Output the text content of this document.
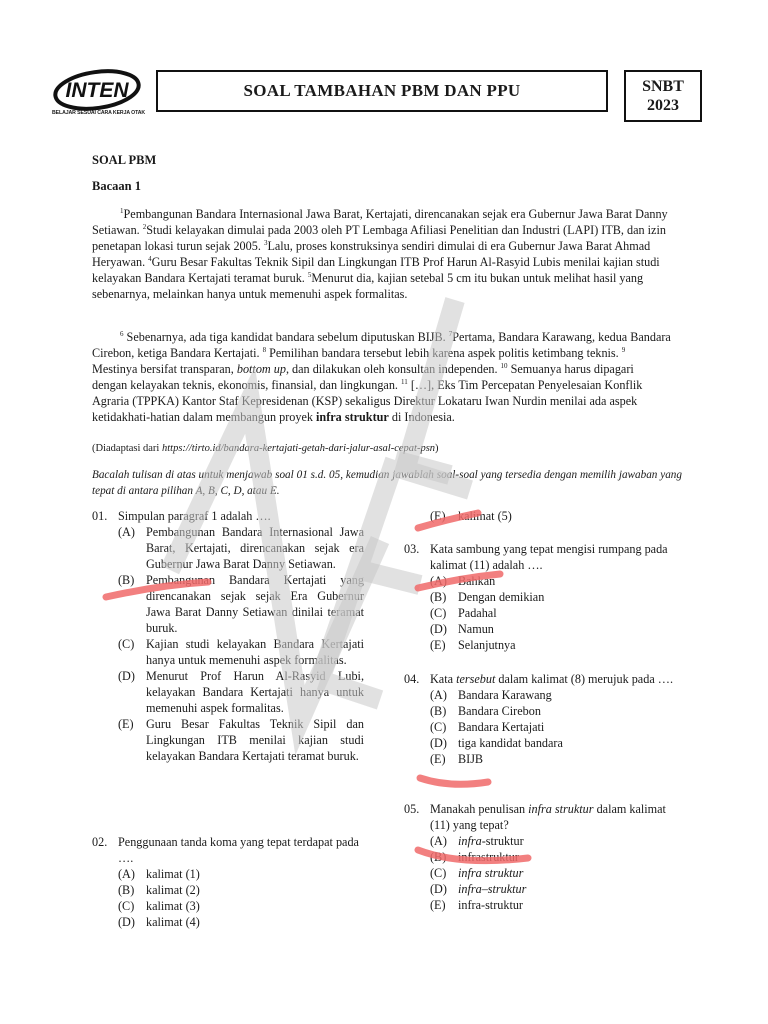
INTEN
BELAJAR SESUAI CARA KERJA OTAK
SOAL TAMBAHAN PBM DAN PPU	SNBT
2023
SOAL PBM
Bacaan 1
$^1$Pembangunan Bandara Internasional Jawa Barat, Kertajati, direncanakan sejak era Gubernur Jawa Barat Danny Setiawan. $^2$Studi kelayakan dimulai pada 2003 oleh PT Lembaga Afiliasi Penelitian dan Industri (LAPI) ITB, dan izin penetapan lokasi turun sejak 2005. $^3$Lalu, proses konstruksinya sendiri dimulai di era Gubernur Jawa Barat Ahmad Heryawan. $^4$Guru Besar Fakultas Teknik Sipil dan Lingkungan ITB Prof Harun Al-Rasyid Lubis menilai kajian studi kelayakan Bandara Kertajati teramat buruk. $^5$Menurut dia, kajian setebal 5 cm itu bukan untuk melihat hasil yang sebenarnya, melainkan hanya untuk memenuhi aspek formalitas.
$^6$ Sebenarnya, ada tiga kandidat bandara sebelum diputuskan BIJB. $^7$Pertama, Bandara Karawang, kedua Bandara Cirebon, ketiga Bandara Kertajati. $^8$ Pemilihan bandara tersebut lebih karena aspek politis ketimbang teknis. $^9$ Mestinya bersifat transparan, bottom up, dan dilakukan oleh konsultan independen. $^{10}$ Semuanya harus dipagari dengan kelayakan teknis, ekonomis, finansial, dan lingkungan. $^{11}$ […], Eks Tim Percepatan Penyelesaian Konflik Agraria (TPPKA) Kantor Staf Kepresidenan (KSP) sekaligus Direktur Lokataru Iwan Nurdin menilai ada aspek ketidakhati-hatian dalam membangun proyek infra struktur di Indonesia.
(Diadaptasi dari https://tirto.id/bandara-kertajati-getah-dari-jalur-asal-cepat-psn)
Bacalah tulisan di atas untuk menjawab soal 01 s.d. 05, kemudian jawablah soal-soal yang tersedia dengan memilih jawaban yang tepat di antara pilihan A, B, C, D, atau E.
01. Simpulan paragraf 1 adalah ….
(A) Pembangunan Bandara Internasional Jawa Barat, Kertajati, direncanakan sejak era Gubernur Jawa Barat Danny Setiawan.
(B) Pembangunan Bandara Kertajati yang direncanakan sejak sejak Era Gubernur Jawa Barat Danny Setiawan dinilai teramat buruk.
(C) Kajian studi kelayakan Bandara Kertajati hanya untuk memenuhi aspek formalitas.
(D) Menurut Prof Harun Al-Rasyid Lubi, kelayakan Bandara Kertajati hanya untuk memenuhi aspek formalitas.
(E)	Guru Besar Fakultas Teknik Sipil dan Lingkungan ITB menilai kajian studi kelayakan Bandara Kertajati teramat buruk.
02. Penggunaan tanda koma yang tepat terdapat pada ….
(A) kalimat (1)
(B) kalimat (2)
(C) kalimat (3)
(D) kalimat (4)
(E)	kalimat (5)
03. Kata sambung yang tepat mengisi rumpang pada kalimat (11) adalah ….
(A) Bahkan
(B) Dengan demikian
(C) Padahal
(D) Namun
(E)	Selanjutnya
04. Kata tersebut dalam kalimat (8) merujuk pada ….
(A) Bandara Karawang
(B) Bandara Cirebon
(C) Bandara Kertajati
(D) tiga kandidat bandara
(E)	BIJB
05. Manakah penulisan infra struktur dalam kalimat (11) yang tepat?
(A) infra-struktur
(B) infrastruktur
(C) infra struktur
(D) infra–struktur
(E)	infra-struktur
